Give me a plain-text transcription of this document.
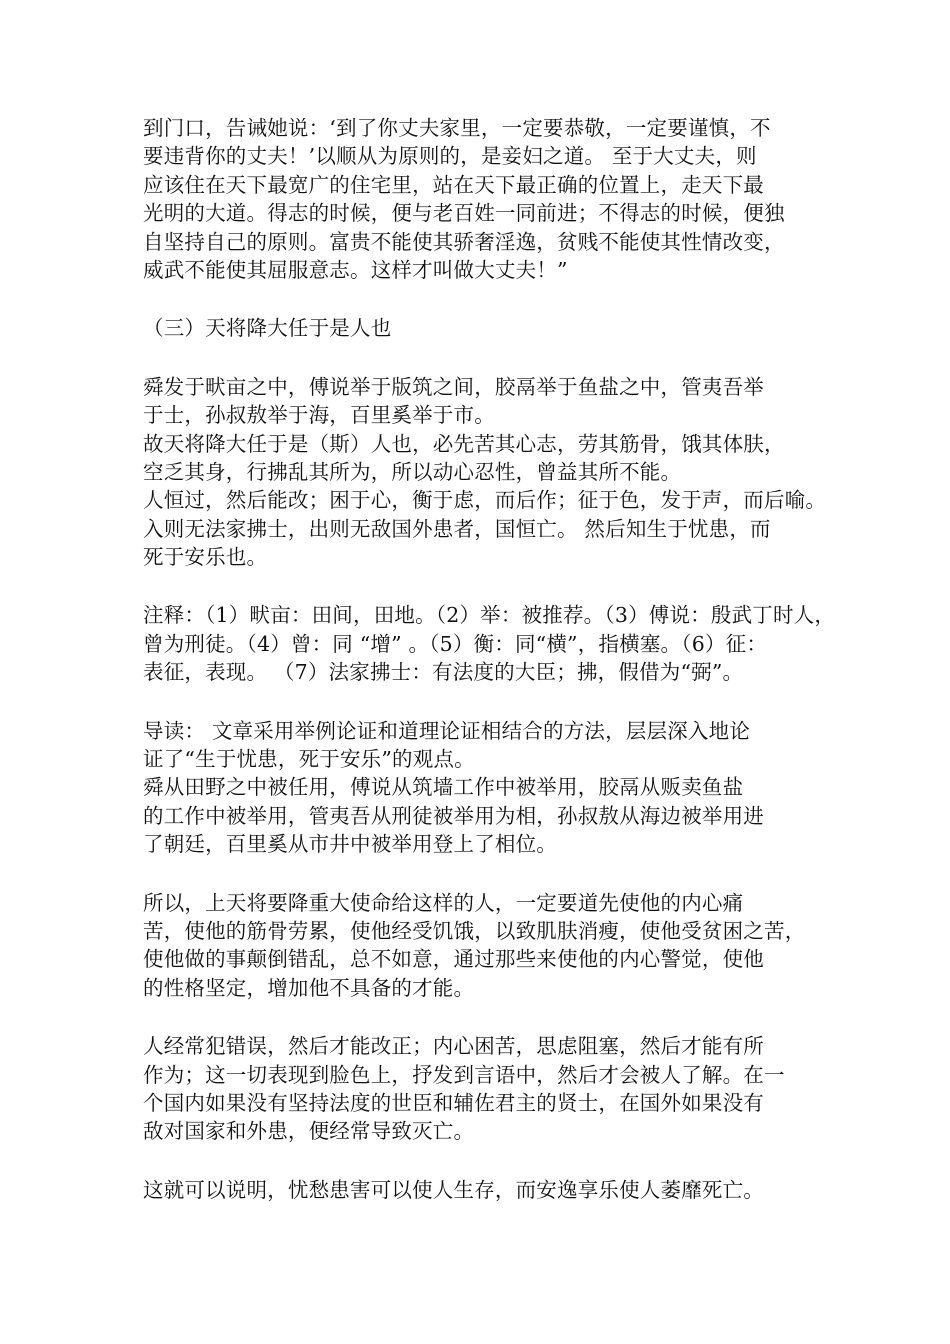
到门口，告诫她说：‘到了你丈夫家里，一定要恭敬，一定要谨慎，不
要违背你的丈夫！’以顺从为原则的，是妾妇之道。 至于大丈夫，则
应该住在天下最宽广的住宅里，站在天下最正确的位置上，走天下最
光明的大道。得志的时候，便与老百姓一同前进；不得志的时候，便独
自坚持自己的原则。富贵不能使其骄奢淫逸，贫贱不能使其性情改变，
威武不能使其屈服意志。这样才叫做大丈夫！”
（三）天将降大任于是人也
舜发于畎亩之中，傅说举于版筑之间，胶鬲举于鱼盐之中，管夷吾举
于士，孙叔敖举于海，百里奚举于市。
故天将降大任于是（斯）人也，必先苦其心志，劳其筋骨，饿其体肤，
空乏其身，行拂乱其所为，所以动心忍性，曾益其所不能。
人恒过，然后能改；困于心，衡于虑，而后作；征于色，发于声，而后喻。
入则无法家拂士，出则无敌国外患者，国恒亡。 然后知生于忧患，而
死于安乐也。
注释：（1）畎亩：田间，田地。（2）举：被推荐。（3）傅说：殷武丁时人，
曾为刑徒。（4）曾：同 “增” 。（5）衡：同“横”，指横塞。（6）征：
表征，表现。 （7）法家拂士：有法度的大臣；拂，假借为“弼”。
导读： 文章采用举例论证和道理论证相结合的方法，层层深入地论
证了“生于忧患，死于安乐”的观点。
舜从田野之中被任用，傅说从筑墙工作中被举用，胶鬲从贩卖鱼盐
的工作中被举用，管夷吾从刑徒被举用为相，孙叔敖从海边被举用进
了朝廷，百里奚从市井中被举用登上了相位。
所以，上天将要降重大使命给这样的人，一定要道先使他的内心痛
苦，使他的筋骨劳累，使他经受饥饿，以致肌肤消瘦，使他受贫困之苦，
使他做的事颠倒错乱，总不如意，通过那些来使他的内心警觉，使他
的性格坚定，增加他不具备的才能。
人经常犯错误，然后才能改正；内心困苦，思虑阻塞，然后才能有所
作为；这一切表现到脸色上，抒发到言语中，然后才会被人了解。在一
个国内如果没有坚持法度的世臣和辅佐君主的贤士，在国外如果没有
敌对国家和外患，便经常导致灭亡。
这就可以说明，忧愁患害可以使人生存，而安逸享乐使人萎靡死亡。
